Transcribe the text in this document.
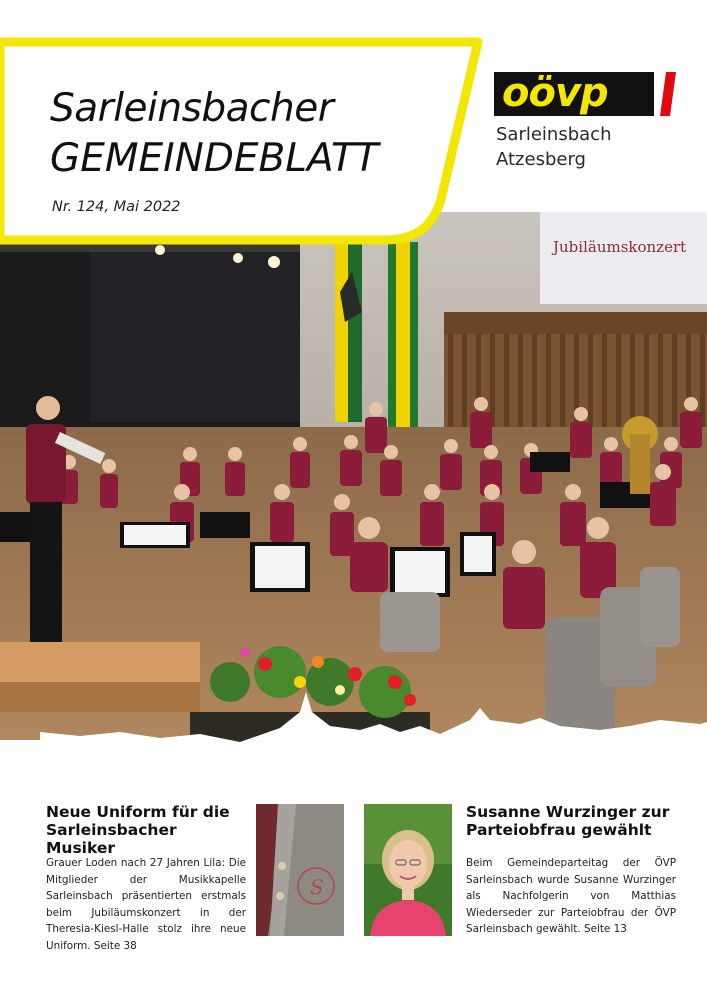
Sarleinsbacher
GEMEINDEBLATT
Nr. 124, Mai 2022
oövp
Sarleinsbach
Atzesberg
Neue Uniform für die Sarleinsbacher Musiker
Grauer Loden nach 27 Jahren Lila: Die Mitglieder der Musikkapelle Sarleinsbach präsentierten erstmals beim Jubiläumskonzert in der Theresia-Kiesl-Halle stolz ihre neue Uniform. Seite 38
S
Susanne Wurzinger zur Parteiobfrau gewählt
Beim Gemeindeparteitag der ÖVP Sarleinsbach wurde Susanne Wurzinger als Nachfolgerin von Matthias Wiederseder zur Parteiobfrau der ÖVP Sarleinsbach gewählt. Seite 13
